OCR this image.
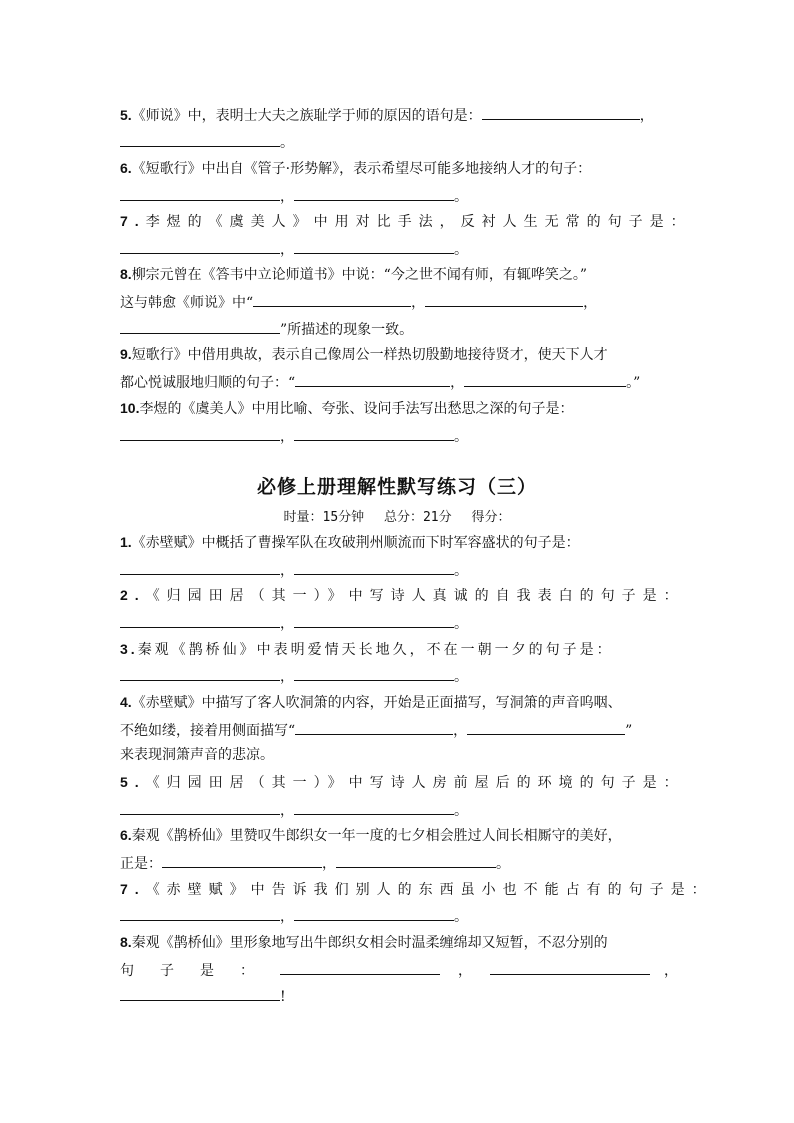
5.《师说》中，表明士大夫之族耻学于师的原因的语句是：	，
。
6.《短歌行》中出自《管子·形势解》，表示希望尽可能多地接纳人才的句子：
，	。
7.李煜的《虞美人》中用对比手法，反衬人生无常的句子是：
，	。
8.柳宗元曾在《答韦中立论师道书》中说：“今之世不闻有师，有辄哗笑之。”
这与韩愈《师说》中“	，	，
”所描述的现象一致。
9.短歌行》中借用典故，表示自己像周公一样热切殷勤地接待贤才，使天下人才
都心悦诚服地归顺的句子：“	，	。”
10.李煜的《虞美人》中用比喻、夸张、设问手法写出愁思之深的句子是：
，	。
必修上册理解性默写练习（三）
时量：15分钟 总分：21分 得分：
1.《赤壁赋》中概括了曹操军队在攻破荆州顺流而下时军容盛状的句子是：
，	。
2.《归园田居（其一）》中写诗人真诚的自我表白的句子是：
，	。
3.秦观《鹊桥仙》中表明爱情天长地久，不在一朝一夕的句子是：
，	。
4.《赤壁赋》中描写了客人吹洞箫的内容，开始是正面描写，写洞箫的声音呜咽、
不绝如缕，接着用侧面描写“	，	”
来表现洞箫声音的悲凉。
5.《归园田居（其一）》中写诗人房前屋后的环境的句子是：
，	。
6.秦观《鹊桥仙》里赞叹牛郎织女一年一度的七夕相会胜过人间长相厮守的美好，
正是：	，	。
7.《赤壁赋》中告诉我们别人的东西虽小也不能占有的句子是：
，	。
8.秦观《鹊桥仙》里形象地写出牛郎织女相会时温柔缠绵却又短暂，不忍分别的
句子是：	，	，
!
